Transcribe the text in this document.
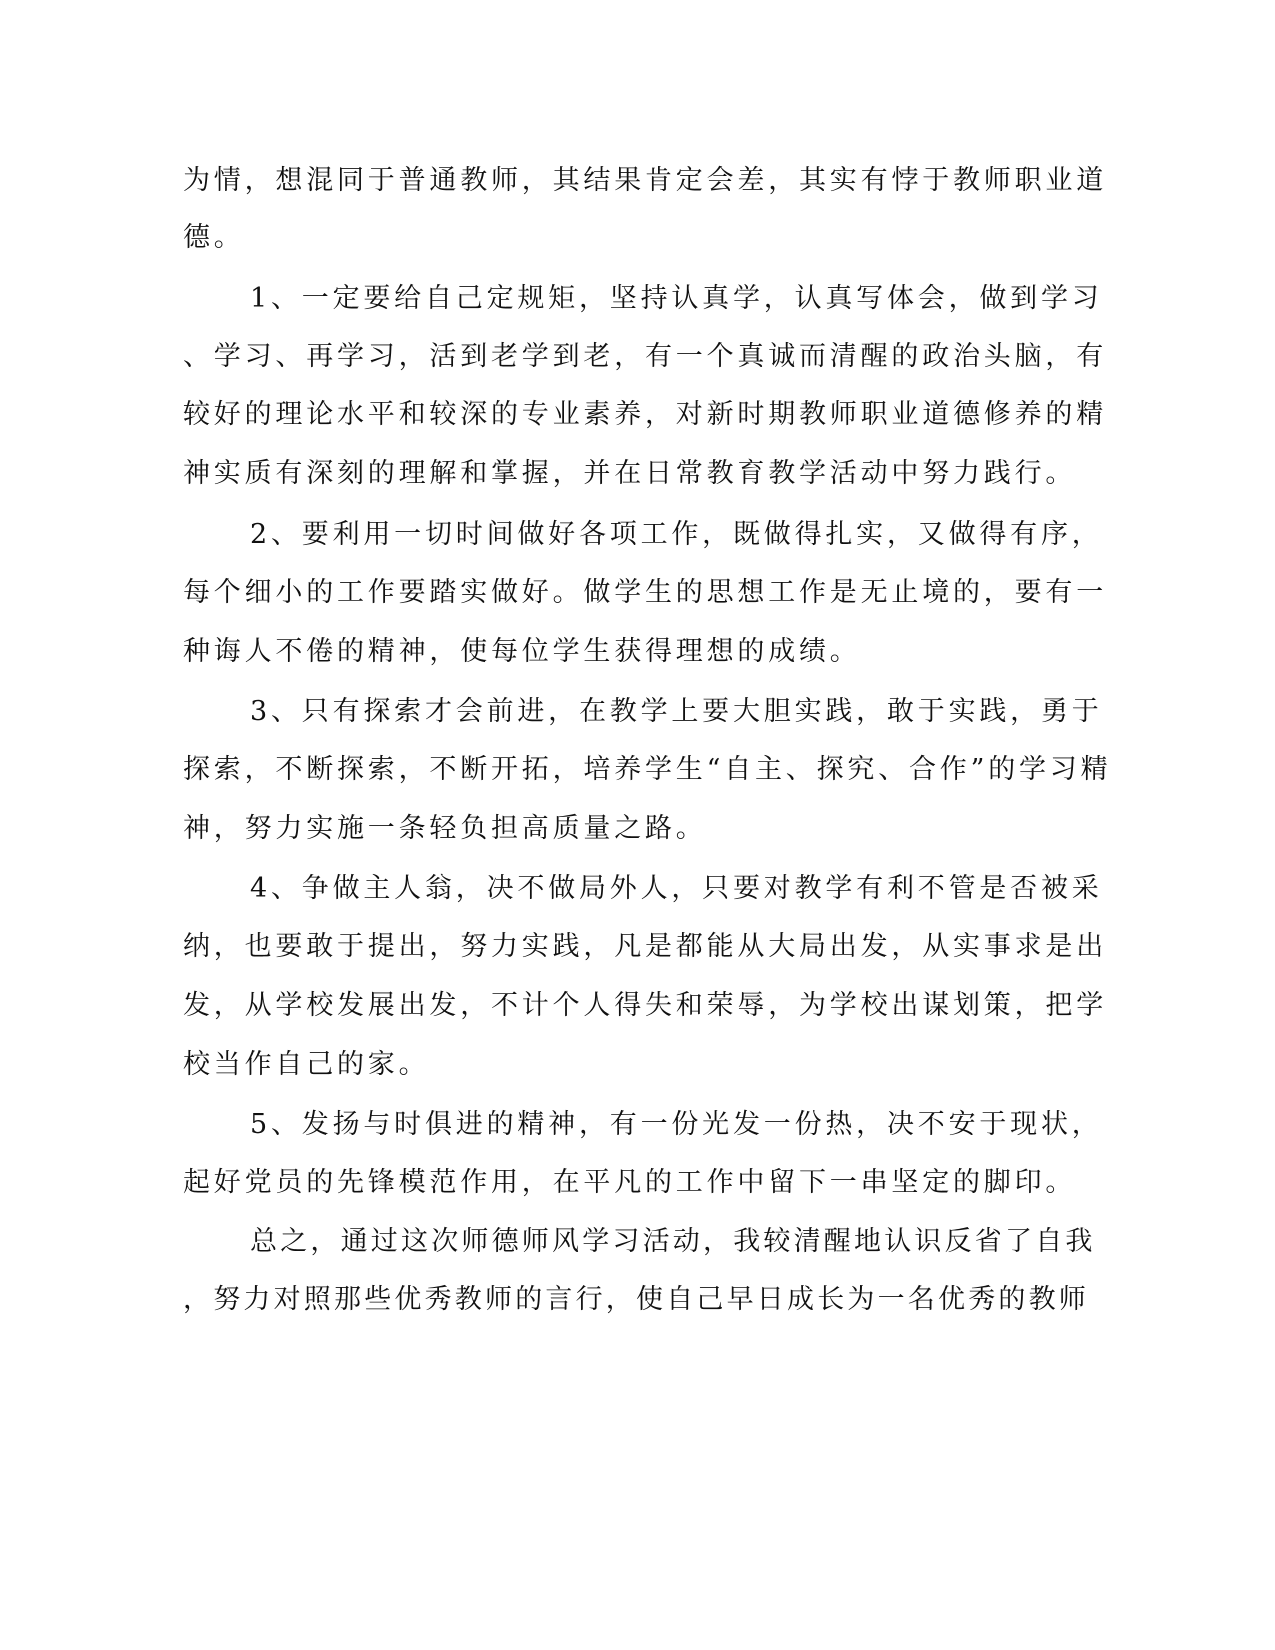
为情，想混同于普通教师，其结果肯定会差，其实有悖于教师职业道
德。
1、一定要给自己定规矩，坚持认真学，认真写体会，做到学习
、学习、再学习，活到老学到老，有一个真诚而清醒的政治头脑，有
较好的理论水平和较深的专业素养，对新时期教师职业道德修养的精
神实质有深刻的理解和掌握，并在日常教育教学活动中努力践行。
2、要利用一切时间做好各项工作，既做得扎实，又做得有序，
每个细小的工作要踏实做好。做学生的思想工作是无止境的，要有一
种诲人不倦的精神，使每位学生获得理想的成绩。
3、只有探索才会前进，在教学上要大胆实践，敢于实践，勇于
探索，不断探索，不断开拓，培养学生“自主、探究、合作”的学习精
神，努力实施一条轻负担高质量之路。
4、争做主人翁，决不做局外人，只要对教学有利不管是否被采
纳，也要敢于提出，努力实践，凡是都能从大局出发，从实事求是出
发，从学校发展出发，不计个人得失和荣辱，为学校出谋划策，把学
校当作自己的家。
5、发扬与时俱进的精神，有一份光发一份热，决不安于现状，
起好党员的先锋模范作用，在平凡的工作中留下一串坚定的脚印。
总之，通过这次师德师风学习活动，我较清醒地认识反省了自我
，努力对照那些优秀教师的言行，使自己早日成长为一名优秀的教师
